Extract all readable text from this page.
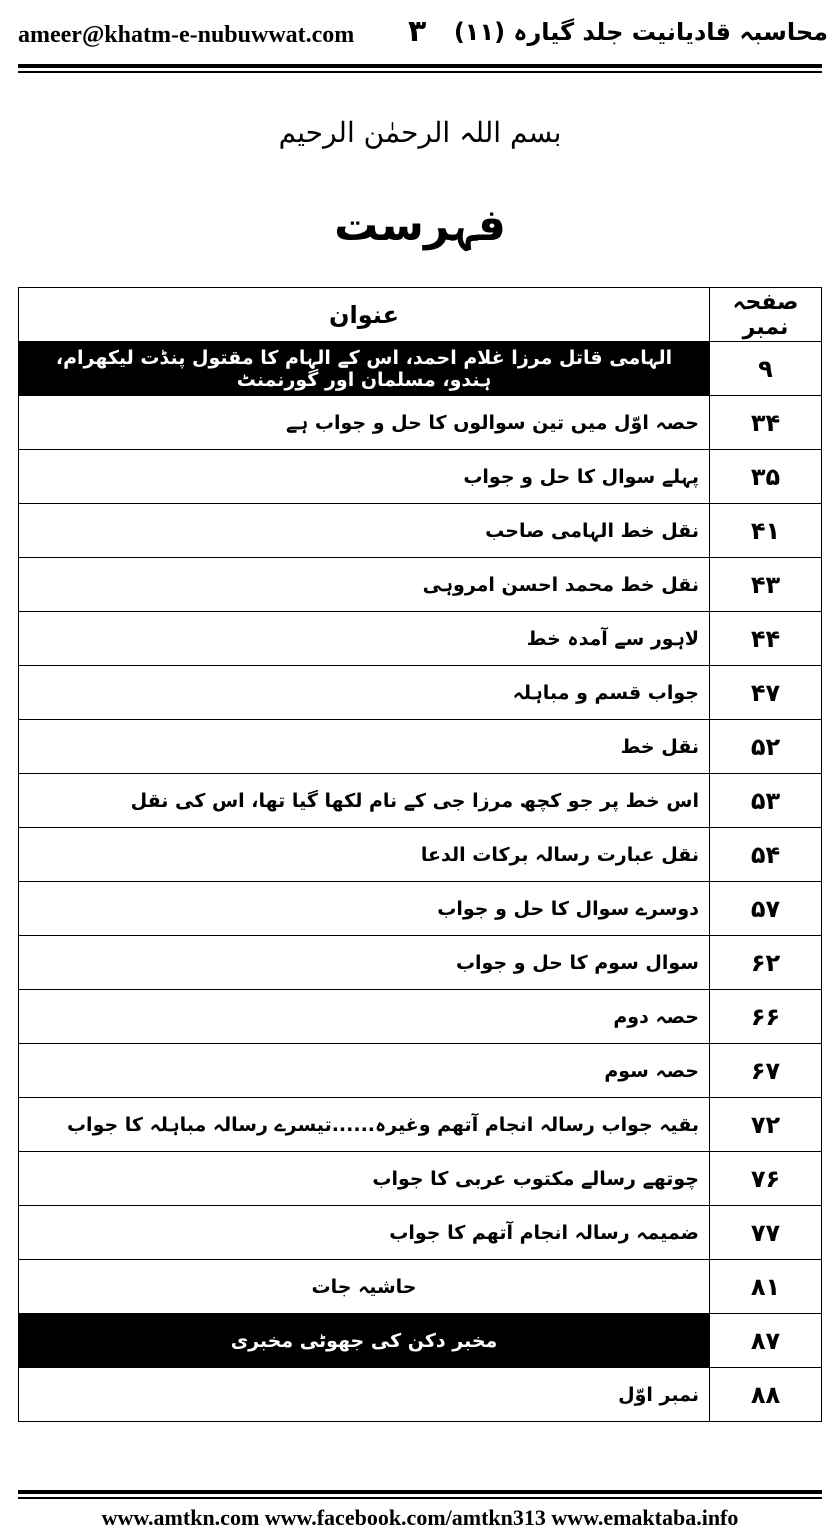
ameer@khatm-e-nubuwwat.com ۳ محاسبہ قادیانیت جلد گیارہ (۱۱)
بسم اللہ الرحمٰن الرحیم
فہرست
عنوان	صفحہ نمبر
الہامی قاتل مرزا غلام احمد، اس کے الہام کا مقتول پنڈت لیکھرام، ہندو، مسلمان اور گورنمنٹ	۹
حصہ اوّل میں تین سوالوں کا حل و جواب ہے	۳۴
پہلے سوال کا حل و جواب	۳۵
نقل خط الہامی صاحب	۴۱
نقل خط محمد احسن امروہی	۴۳
لاہور سے آمدہ خط	۴۴
جواب قسم و مباہلہ	۴۷
نقل خط	۵۲
اس خط پر جو کچھ مرزا جی کے نام لکھا گیا تھا، اس کی نقل	۵۳
نقل عبارت رسالہ برکات الدعا	۵۴
دوسرے سوال کا حل و جواب	۵۷
سوال سوم کا حل و جواب	۶۲
حصہ دوم	۶۶
حصہ سوم	۶۷
بقیہ جواب رسالہ انجام آتھم وغیرہ......تیسرے رسالہ مباہلہ کا جواب	۷۲
چوتھے رسالے مکتوب عربی کا جواب	۷۶
ضمیمہ رسالہ انجام آتھم کا جواب	۷۷
حاشیہ جات	۸۱
مخبر دکن کی جھوٹی مخبری	۸۷
نمبر اوّل	۸۸
www.amtkn.com www.facebook.com/amtkn313 www.emaktaba.info
